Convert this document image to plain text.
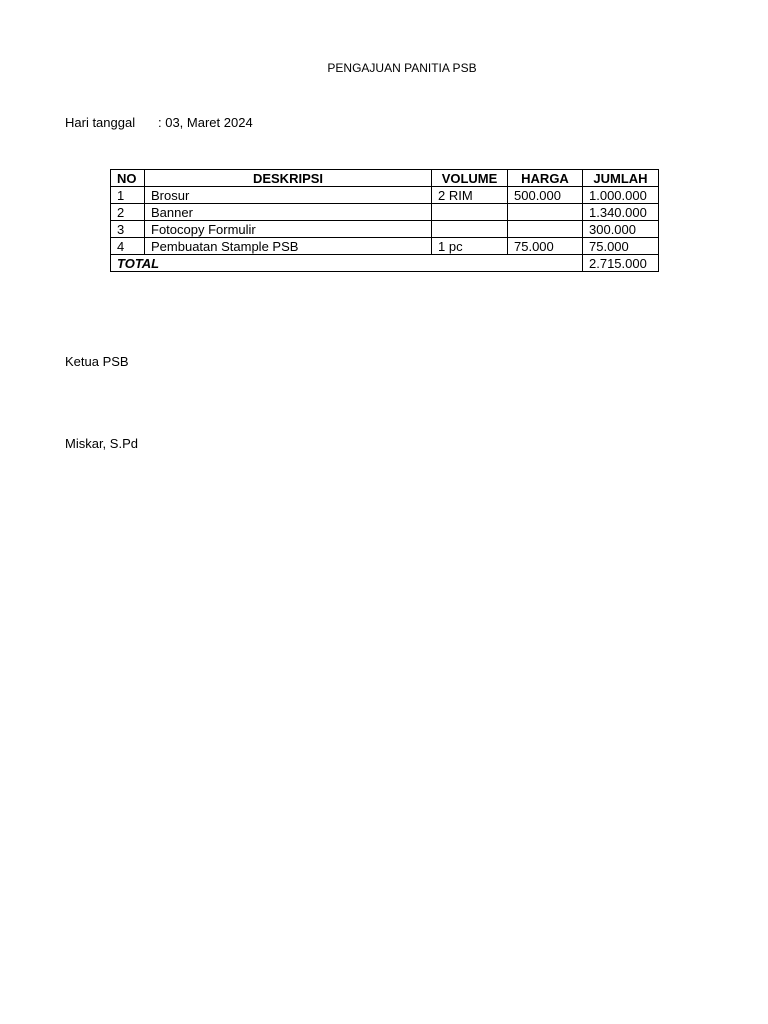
PENGAJUAN PANITIA PSB
Hari tanggal : 03, Maret 2024
NO	DESKRIPSI	VOLUME	HARGA	JUMLAH
1	Brosur	2 RIM	500.000	1.000.000
2	Banner			1.340.000
3	Fotocopy Formulir			300.000
4	Pembuatan Stample PSB	1 pc	75.000	75.000
TOTAL				2.715.000
Ketua PSB
Miskar, S.Pd
